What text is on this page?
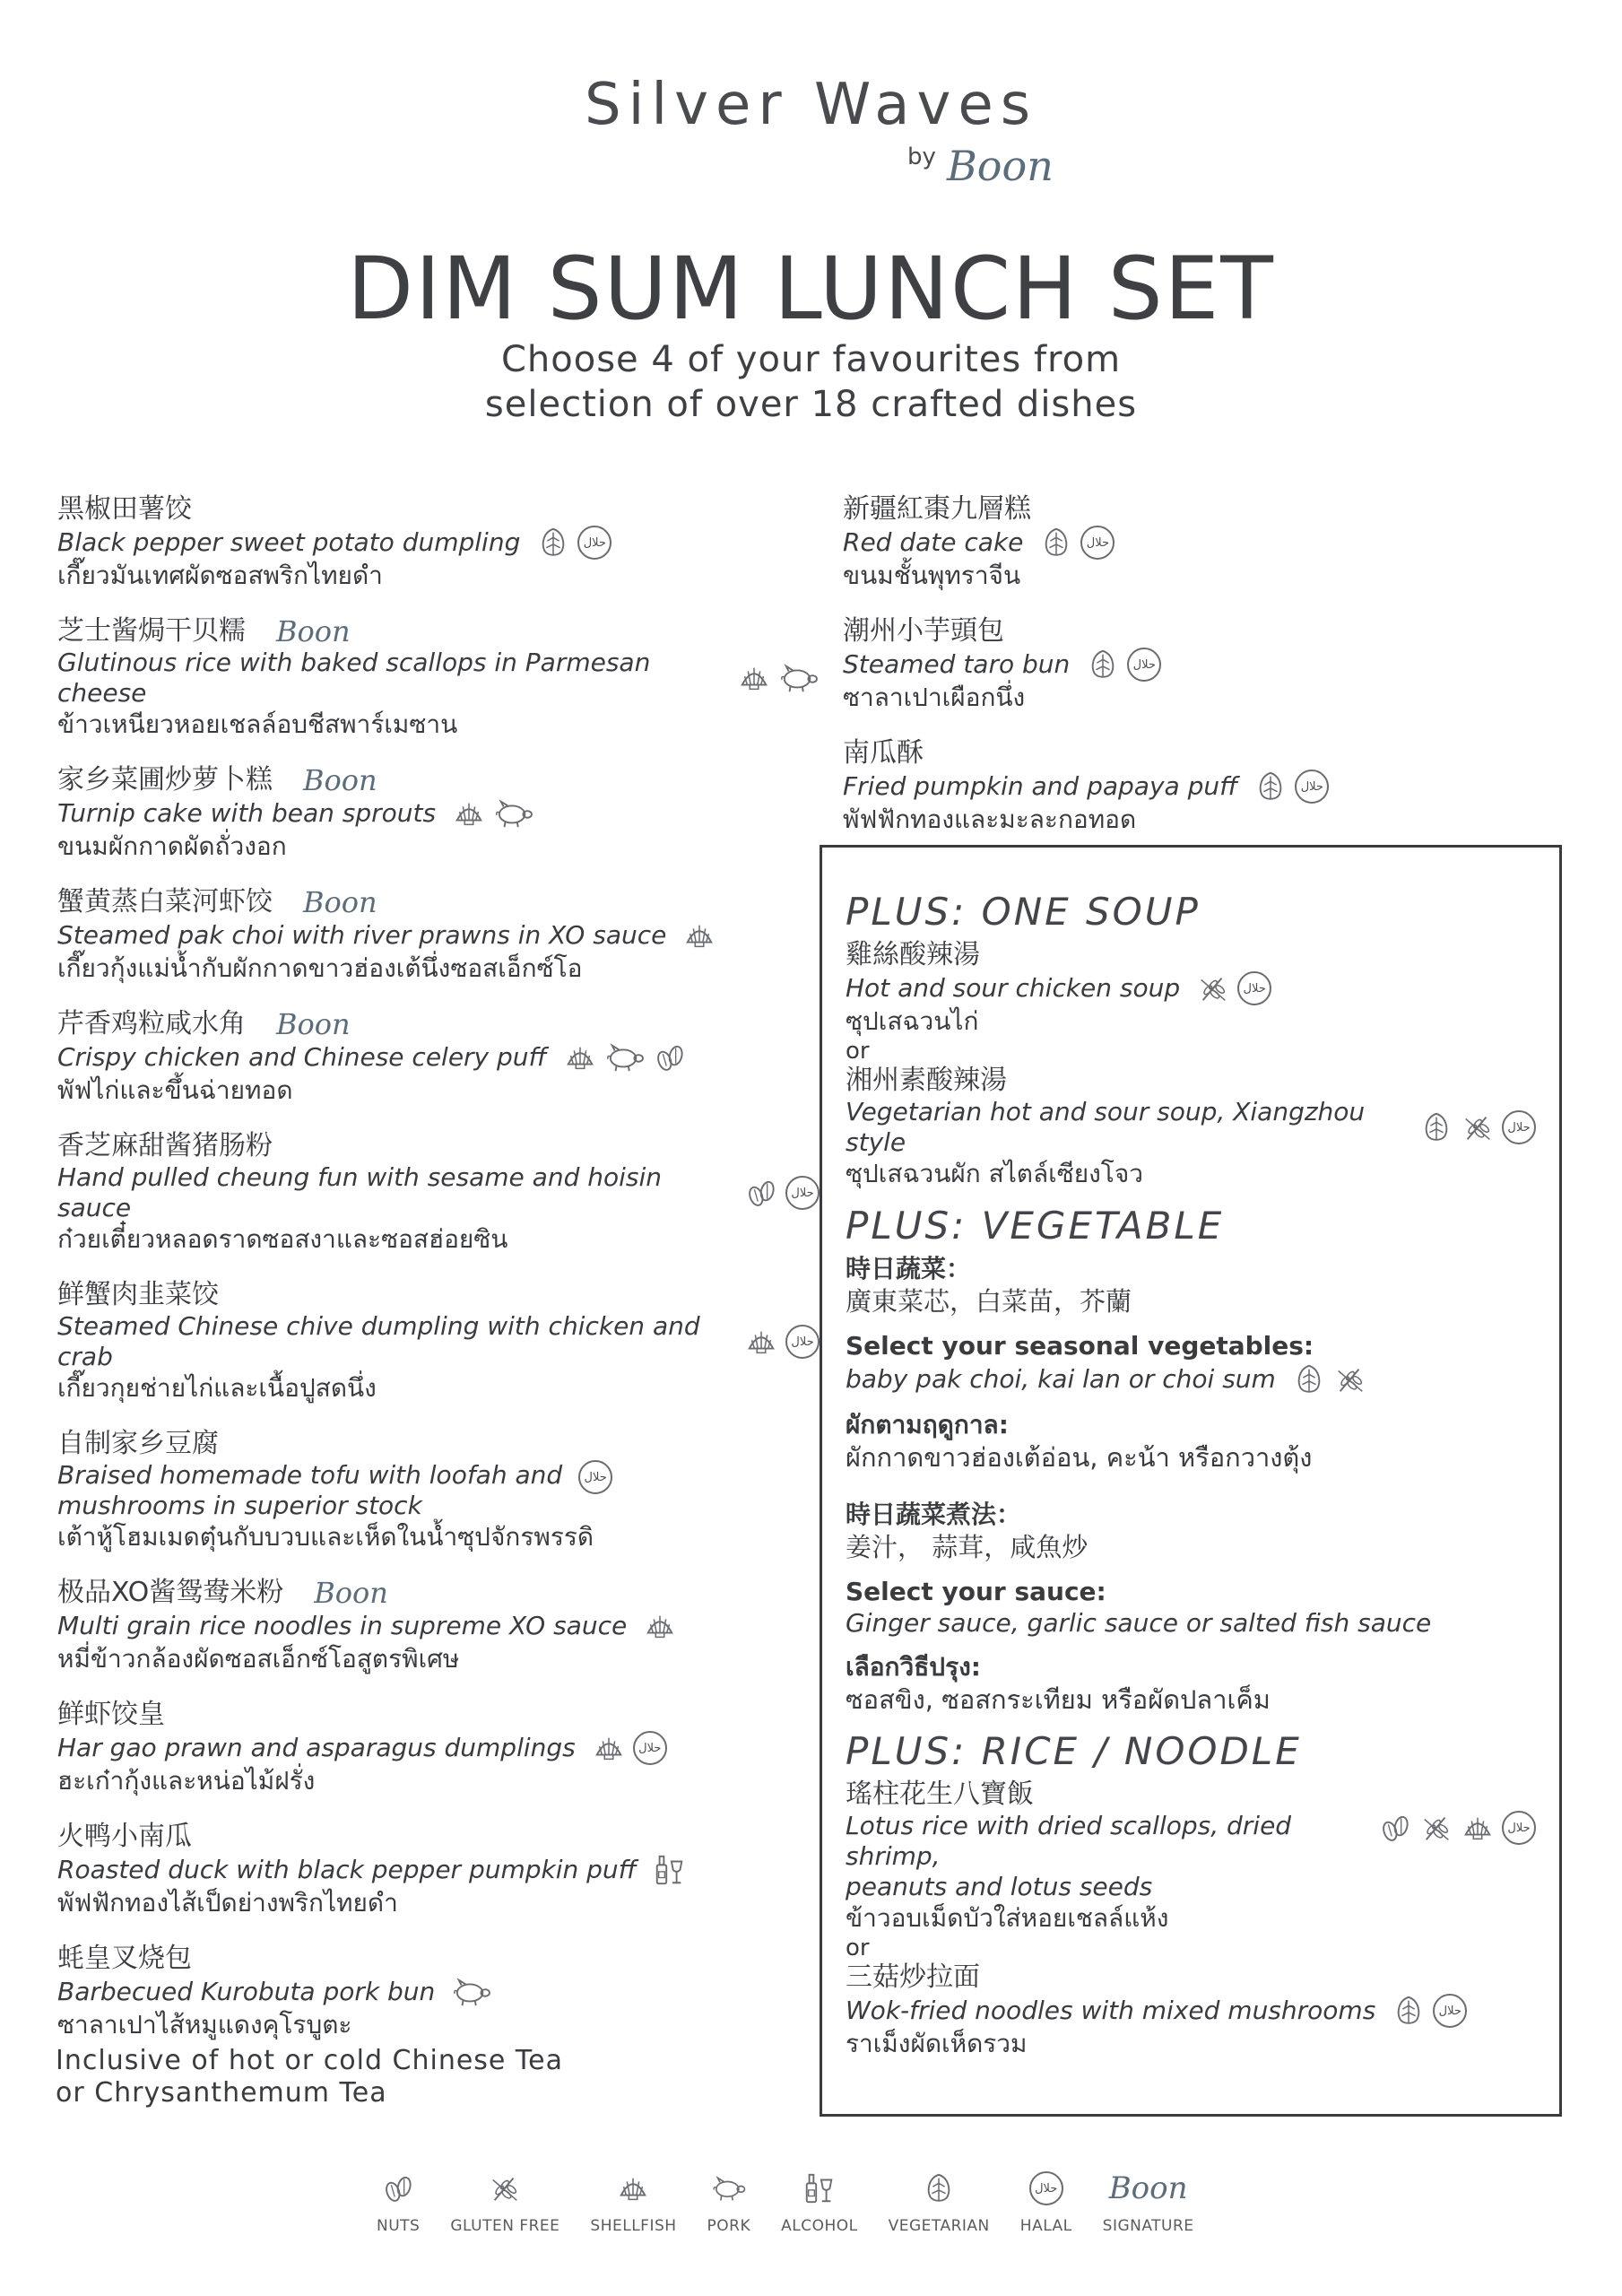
Silver Waves
by Boon
DIM SUM LUNCH SET
Choose 4 of your favourites from
selection of over 18 crafted dishes
黑椒田薯饺
Black pepper sweet potato dumpling	حلال
เกี๊ยวมันเทศผัดซอสพริกไทยดำ
芝士酱焗干贝糯 Boon
Glutinous rice with baked scallops in Parmesan cheese
ข้าวเหนียวหอยเชลล์อบชีสพาร์เมซาน
家乡菜圃炒萝卜糕 Boon
Turnip cake with bean sprouts
ขนมผักกาดผัดถั่วงอก
蟹黄蒸白菜河虾饺 Boon
Steamed pak choi with river prawns in XO sauce
เกี๊ยวกุ้งแม่น้ำกับผักกาดขาวฮ่องเต้นึ่งซอสเอ็กซ์โอ
芹香鸡粒咸水角 Boon
Crispy chicken and Chinese celery puff
พัฟไก่และขึ้นฉ่ายทอด
香芝麻甜酱猪肠粉
Hand pulled cheung fun with sesame and hoisin sauce	حلال
ก๋วยเตี๋ยวหลอดราดซอสงาและซอสฮ่อยซิน
鲜蟹肉韭菜饺
Steamed Chinese chive dumpling with chicken and crab	حلال
เกี๊ยวกุยช่ายไก่และเนื้อปูสดนึ่ง
自制家乡豆腐
Braised homemade tofu with loofah and
mushrooms in superior stock
حلال
เต้าหู้โฮมเมดตุ๋นกับบวบและเห็ดในน้ำซุปจักรพรรดิ
极品XO酱鸳鸯米粉 Boon
Multi grain rice noodles in supreme XO sauce
หมี่ข้าวกล้องผัดซอสเอ็กซ์โอสูตรพิเศษ
鲜虾饺皇
Har gao prawn and asparagus dumplings	حلال
ฮะเก๋ากุ้งและหน่อไม้ฝรั่ง
火鸭小南瓜
Roasted duck with black pepper pumpkin puff
พัฟฟักทองไส้เป็ดย่างพริกไทยดำ
蚝皇叉烧包
Barbecued Kurobuta pork bun
ซาลาเปาไส้หมูแดงคุโรบูตะ
新疆紅棗九層糕
Red date cake	حلال
ขนมชั้นพุทราจีน
潮州小芋頭包
Steamed taro bun	حلال
ซาลาเปาเผือกนึ่ง
南瓜酥
Fried pumpkin and papaya puff	حلال
พัฟฟักทองและมะละกอทอด
PLUS: ONE SOUP
雞絲酸辣湯
Hot and sour chicken soup	حلال
ซุปเสฉวนไก่
or
湘州素酸辣湯
Vegetarian hot and sour soup, Xiangzhou style	حلال
ซุปเสฉวนผัก สไตล์เซียงโจว
PLUS: VEGETABLE
時日蔬菜：
廣東菜芯，白菜苗，芥蘭
Select your seasonal vegetables:
baby pak choi, kai lan or choi sum
ผักตามฤดูกาล:
ผักกาดขาวฮ่องเต้อ่อน, คะน้า หรือกวางตุ้ง
時日蔬菜煮法：
姜汁， 蒜茸，咸魚炒
Select your sauce:
Ginger sauce, garlic sauce or salted fish sauce
เลือกวิธีปรุง:
ซอสขิง, ซอสกระเทียม หรือผัดปลาเค็ม
PLUS: RICE / NOODLE
瑤柱花生八寶飯
Lotus rice with dried scallops, dried shrimp,
peanuts and lotus seeds
حلال
ข้าวอบเม็ดบัวใส่หอยเชลล์แห้ง
or
三菇炒拉面
Wok-fried noodles with mixed mushrooms	حلال
ราเม็งผัดเห็ดรวม
Inclusive of hot or cold Chinese Tea
or Chrysanthemum Tea
NUTS GLUTEN FREE SHELLFISH PORK ALCOHOL VEGETARIAN
حلال
HALAL
Boon
SIGNATURE
